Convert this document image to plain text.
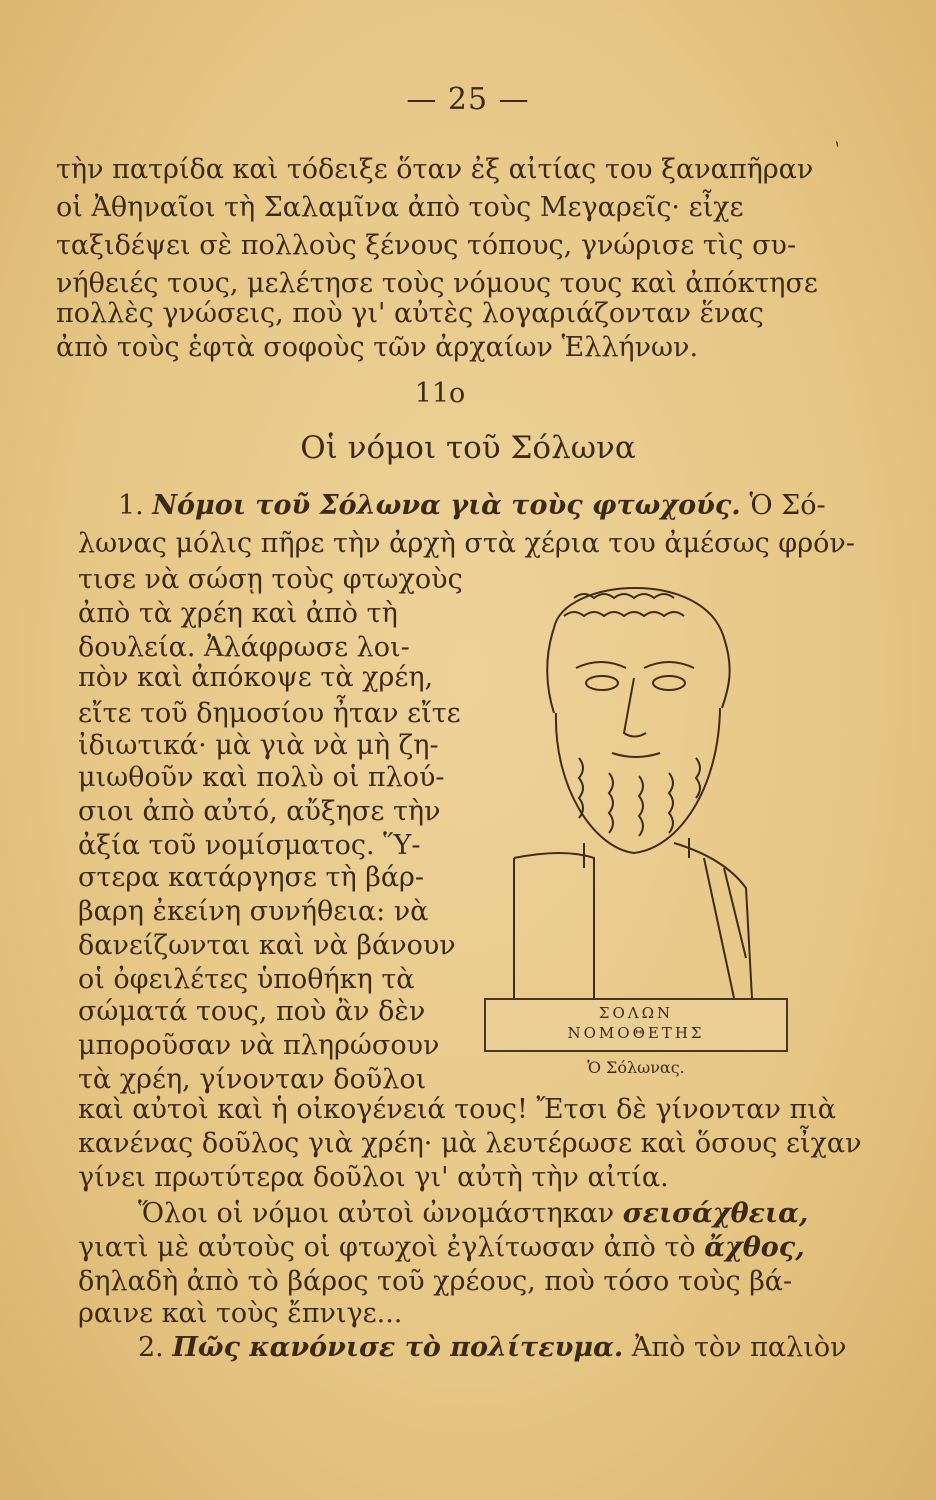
— 25 —
ˋ
τὴν πατρίδα καὶ τόδειξε ὅταν ἐξ αἰτίας του ξαναπῆραν
οἱ Ἀθηναῖοι τὴ Σαλαμῖνα ἀπὸ τοὺς Μεγαρεῖς· εἶχε
ταξιδέψει σὲ πολλοὺς ξένους τόπους, γνώρισε τὶς συ-
νήθειές τους, μελέτησε τοὺς νόμους τους καὶ ἀπόκτησε
πολλὲς γνώσεις, ποὺ γι' αὐτὲς λογαριάζονταν ἕνας
ἀπὸ τοὺς ἑφτὰ σοφοὺς τῶν ἀρχαίων Ἑλλήνων.
11ο
Οἱ νόμοι τοῦ Σόλωνα
1. Νόμοι τοῦ Σόλωνα γιὰ τοὺς φτωχούς. Ὁ Σό-
λωνας μόλις πῆρε τὴν ἀρχὴ στὰ χέρια του ἀμέσως φρόν-
τισε νὰ σώσῃ τοὺς φτωχοὺς
ἀπὸ τὰ χρέη καὶ ἀπὸ τὴ
δουλεία. Ἀλάφρωσε λοι-
πὸν καὶ ἀπόκοψε τὰ χρέη,
εἴτε τοῦ δημοσίου ἦταν εἴτε
ἰδιωτικά· μὰ γιὰ νὰ μὴ ζη-
μιωθοῦν καὶ πολὺ οἱ πλού-
σιοι ἀπὸ αὐτό, αὔξησε τὴν
ἀξία τοῦ νομίσματος. Ὕ-
στερα κατάργησε τὴ βάρ-
βαρη ἐκείνη συνήθεια: νὰ
δανείζωνται καὶ νὰ βάνουν
οἱ ὀφειλέτες ὑποθήκη τὰ
σώματά τους, ποὺ ἂν δὲν
μποροῦσαν νὰ πληρώσουν
τὰ χρέη, γίνονταν δοῦλοι
καὶ αὐτοὶ καὶ ἡ οἰκογένειά τους! Ἔτσι δὲ γίνονταν πιὰ
κανένας δοῦλος γιὰ χρέη· μὰ λευτέρωσε καὶ ὅσους εἶχαν
γίνει πρωτύτερα δοῦλοι γι' αὐτὴ τὴν αἰτία.
Ὅλοι οἱ νόμοι αὐτοὶ ὠνομάστηκαν σεισάχθεια,
γιατὶ μὲ αὐτοὺς οἱ φτωχοὶ ἐγλίτωσαν ἀπὸ τὸ ἄχθος,
δηλαδὴ ἀπὸ τὸ βάρος τοῦ χρέους, ποὺ τόσο τοὺς βά-
ραινε καὶ τοὺς ἔπνιγε...
2. Πῶς κανόνισε τὸ πολίτευμα. Ἀπὸ τὸν παλιὸν
ΣΟΛΩΝ
ΝΟΜΟΘΕΤΗΣ
Ὁ Σόλωνας.
